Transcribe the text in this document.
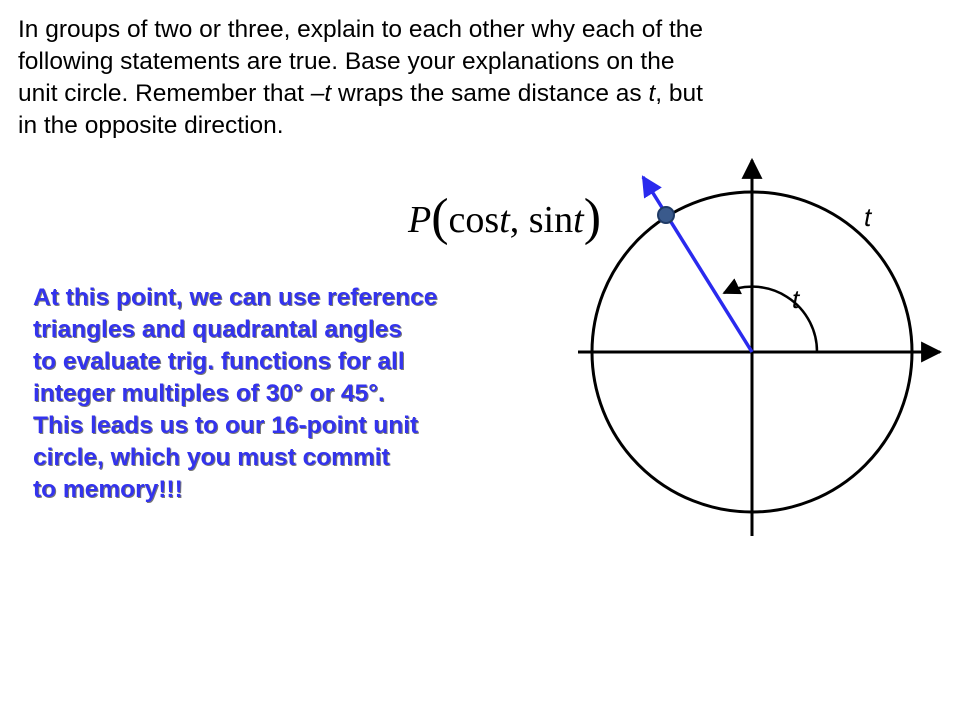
In groups of two or three, explain to each other why each of the
following statements are true. Base your explanations on the
unit circle. Remember that –t wraps the same distance as t, but
in the opposite direction.

P(cost, sint)	t
t
At this point, we can use reference
triangles and quadrantal angles
to evaluate trig. functions for all
integer multiples of 30° or 45°.
This leads us to our 16-point unit
circle, which you must commit
to memory!!!
